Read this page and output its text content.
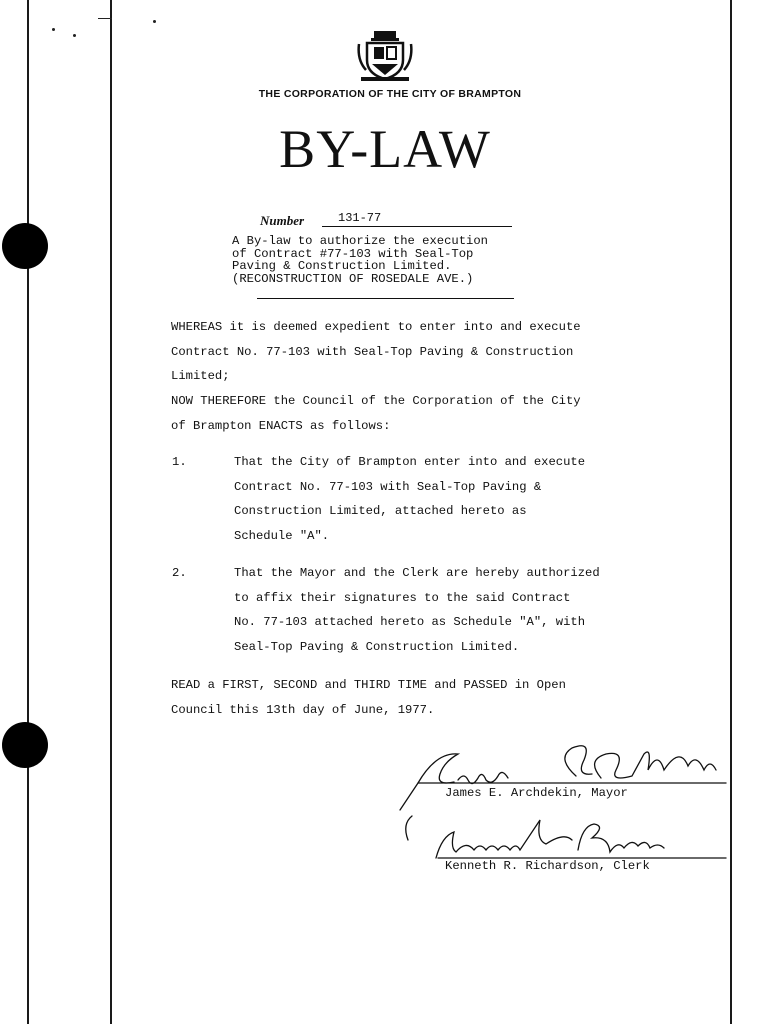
THE CORPORATION OF THE CITY OF BRAMPTON
BY-LAW
Number	131-77
A By-law to authorize the execution
of Contract #77-103 with Seal-Top
Paving & Construction Limited.
(RECONSTRUCTION OF ROSEDALE AVE.)
WHEREAS it is deemed expedient to enter into and execute
Contract No. 77-103 with Seal-Top Paving & Construction
Limited;
NOW THEREFORE the Council of the Corporation of the City
of Brampton ENACTS as follows:
1.	That the City of Brampton enter into and execute
Contract No. 77-103 with Seal-Top Paving &
Construction Limited, attached hereto as
Schedule "A".
2.	That the Mayor and the Clerk are hereby authorized
to affix their signatures to the said Contract
No. 77-103 attached hereto as Schedule "A", with
Seal-Top Paving & Construction Limited.
READ a FIRST, SECOND and THIRD TIME and PASSED in Open
Council this 13th day of June, 1977.
James E. Archdekin, Mayor
Kenneth R. Richardson, Clerk
